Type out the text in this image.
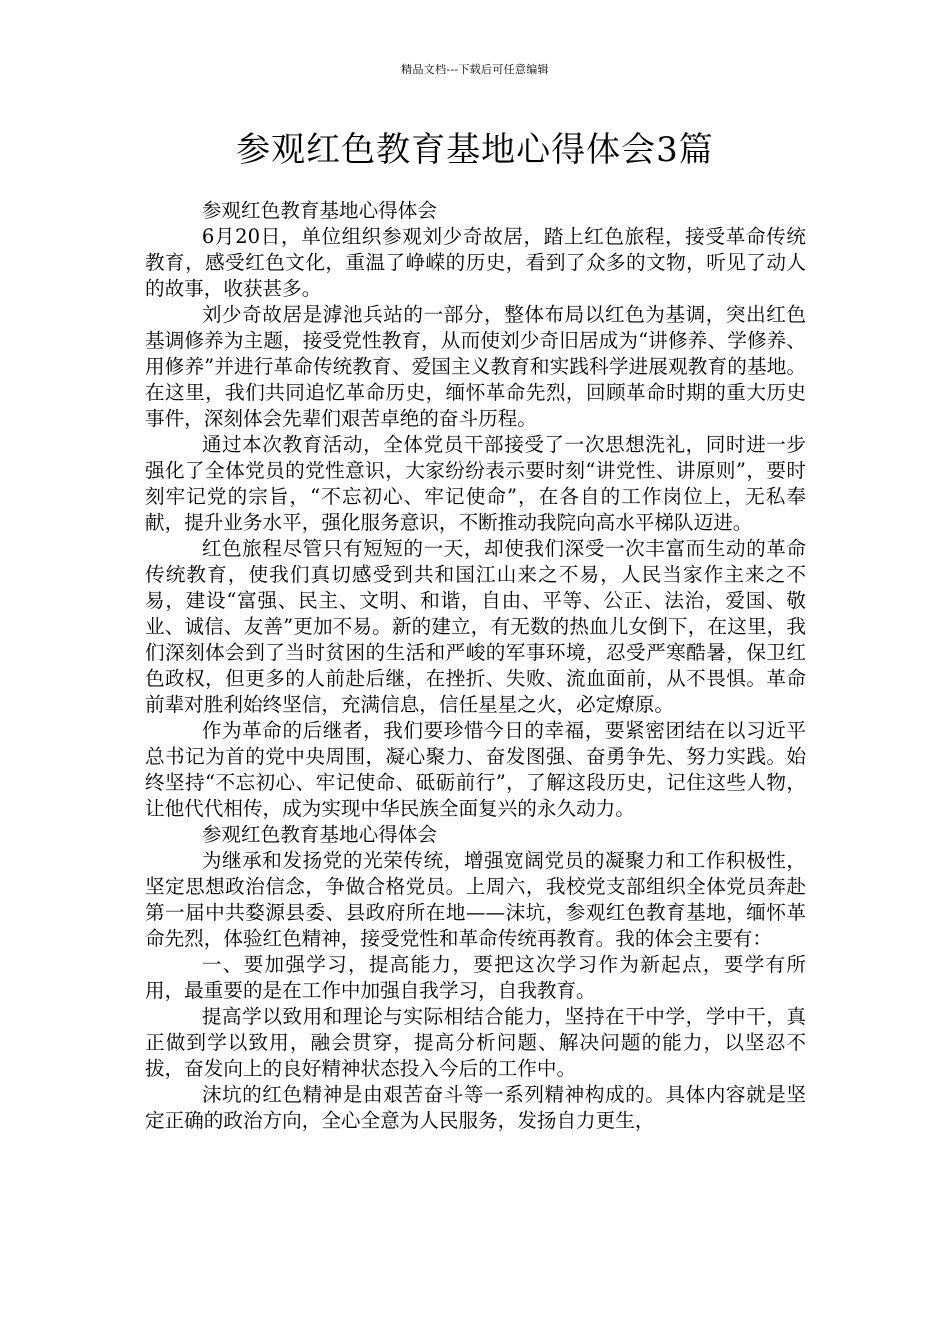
精品文档---下载后可任意编辑
参观红色教育基地心得体会3篇

参观红色教育基地心得体会

6月20日，单位组织参观刘少奇故居，踏上红色旅程，接受革命传统教育，感受红色文化，重温了峥嵘的历史，看到了众多的文物，听见了动人的故事，收获甚多。

刘少奇故居是滹池兵站的一部分，整体布局以红色为基调，突出红色基调修养为主题，接受党性教育，从而使刘少奇旧居成为“讲修养、学修养、用修养”并进行革命传统教育、爱国主义教育和实践科学进展观教育的基地。在这里，我们共同追忆革命历史，缅怀革命先烈，回顾革命时期的重大历史事件，深刻体会先辈们艰苦卓绝的奋斗历程。

通过本次教育活动，全体党员干部接受了一次思想洗礼，同时进一步强化了全体党员的党性意识，大家纷纷表示要时刻“讲党性、讲原则”，要时刻牢记党的宗旨，“不忘初心、牢记使命”，在各自的工作岗位上，无私奉献，提升业务水平，强化服务意识，不断推动我院向高水平梯队迈进。

红色旅程尽管只有短短的一天，却使我们深受一次丰富而生动的革命传统教育，使我们真切感受到共和国江山来之不易，人民当家作主来之不易，建设“富强、民主、文明、和谐，自由、平等、公正、法治，爱国、敬业、诚信、友善”更加不易。新的建立，有无数的热血儿女倒下，在这里，我们深刻体会到了当时贫困的生活和严峻的军事环境，忍受严寒酷暑，保卫红色政权，但更多的人前赴后继，在挫折、失败、流血面前，从不畏惧。革命前辈对胜利始终坚信，充满信息，信任星星之火，必定燎原。

作为革命的后继者，我们要珍惜今日的幸福，要紧密团结在以习近平总书记为首的党中央周围，凝心聚力、奋发图强、奋勇争先、努力实践。始终坚持“不忘初心、牢记使命、砥砺前行”，了解这段历史，记住这些人物，让他代代相传，成为实现中华民族全面复兴的永久动力。

参观红色教育基地心得体会

为继承和发扬党的光荣传统，增强宽阔党员的凝聚力和工作积极性，坚定思想政治信念，争做合格党员。上周六，我校党支部组织全体党员奔赴第一届中共婺源县委、县政府所在地——沫坑，参观红色教育基地，缅怀革命先烈，体验红色精神，接受党性和革命传统再教育。我的体会主要有：

一、要加强学习，提高能力，要把这次学习作为新起点，要学有所用，最重要的是在工作中加强自我学习，自我教育。

提高学以致用和理论与实际相结合能力，坚持在干中学，学中干，真正做到学以致用，融会贯穿，提高分析问题、解决问题的能力，以坚忍不拔，奋发向上的良好精神状态投入今后的工作中。

沫坑的红色精神是由艰苦奋斗等一系列精神构成的。具体内容就是坚定正确的政治方向，全心全意为人民服务，发扬自力更生，
